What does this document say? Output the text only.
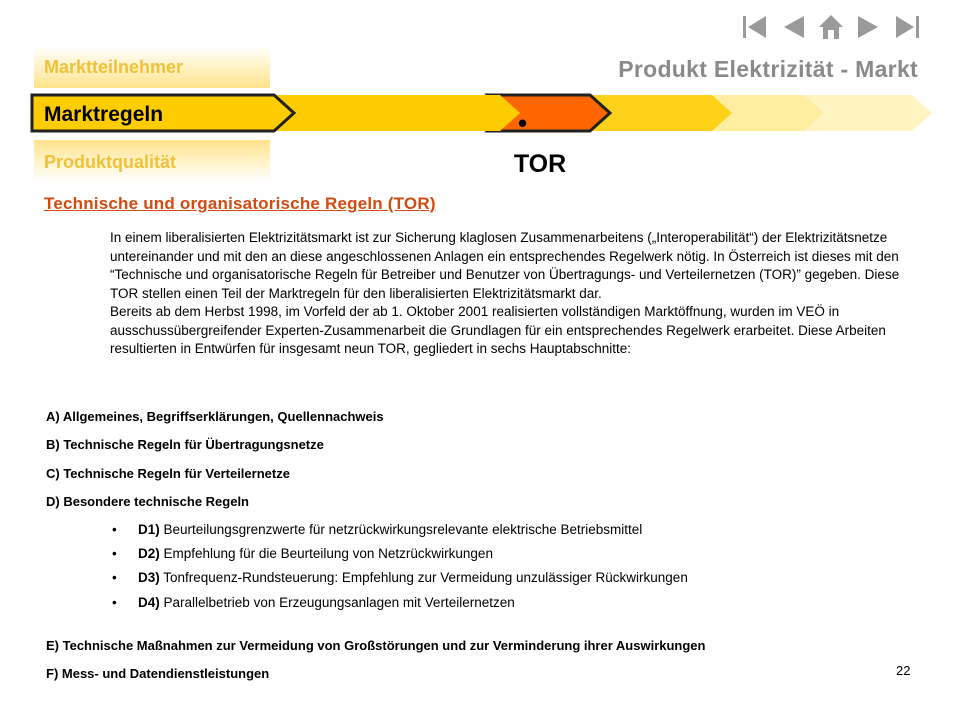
Produkt Elektrizität - Markt
Marktteilnehmer
Marktregeln	•
Produktqualität	TOR
Technische und organisatorische Regeln (TOR)

In einem liberalisierten Elektrizitätsmarkt ist zur Sicherung klaglosen Zusammenarbeitens („Interoperabilität“) der Elektrizitätsnetze untereinander und mit den an diese angeschlossenen Anlagen ein entsprechendes Regelwerk nötig. In Österreich ist dieses mit den “Technische und organisatorische Regeln für Betreiber und Benutzer von Übertragungs- und Verteilernetzen (TOR)” gegeben. Diese TOR stellen einen Teil der Marktregeln für den liberalisierten Elektrizitätsmarkt dar.

Bereits ab dem Herbst 1998, im Vorfeld der ab 1. Oktober 2001 realisierten vollständigen Marktöffnung, wurden im VEÖ in ausschussübergreifender Experten-Zusammenarbeit die Grundlagen für ein entsprechendes Regelwerk erarbeitet. Diese Arbeiten resultierten in Entwürfen für insgesamt neun TOR, gegliedert in sechs Hauptabschnitte:

A) Allgemeines, Begriffserklärungen, Quellennachweis
B) Technische Regeln für Übertragungsnetze
C) Technische Regeln für Verteilernetze
D) Besondere technische Regeln
• D1) Beurteilungsgrenzwerte für netzrückwirkungsrelevante elektrische Betriebsmittel
• D2) Empfehlung für die Beurteilung von Netzrückwirkungen
• D3) Tonfrequenz-Rundsteuerung: Empfehlung zur Vermeidung unzulässiger Rückwirkungen
• D4) Parallelbetrieb von Erzeugungsanlagen mit Verteilernetzen
E) Technische Maßnahmen zur Vermeidung von Großstörungen und zur Verminderung ihrer Auswirkungen
F) Mess- und Datendienstleistungen	22
